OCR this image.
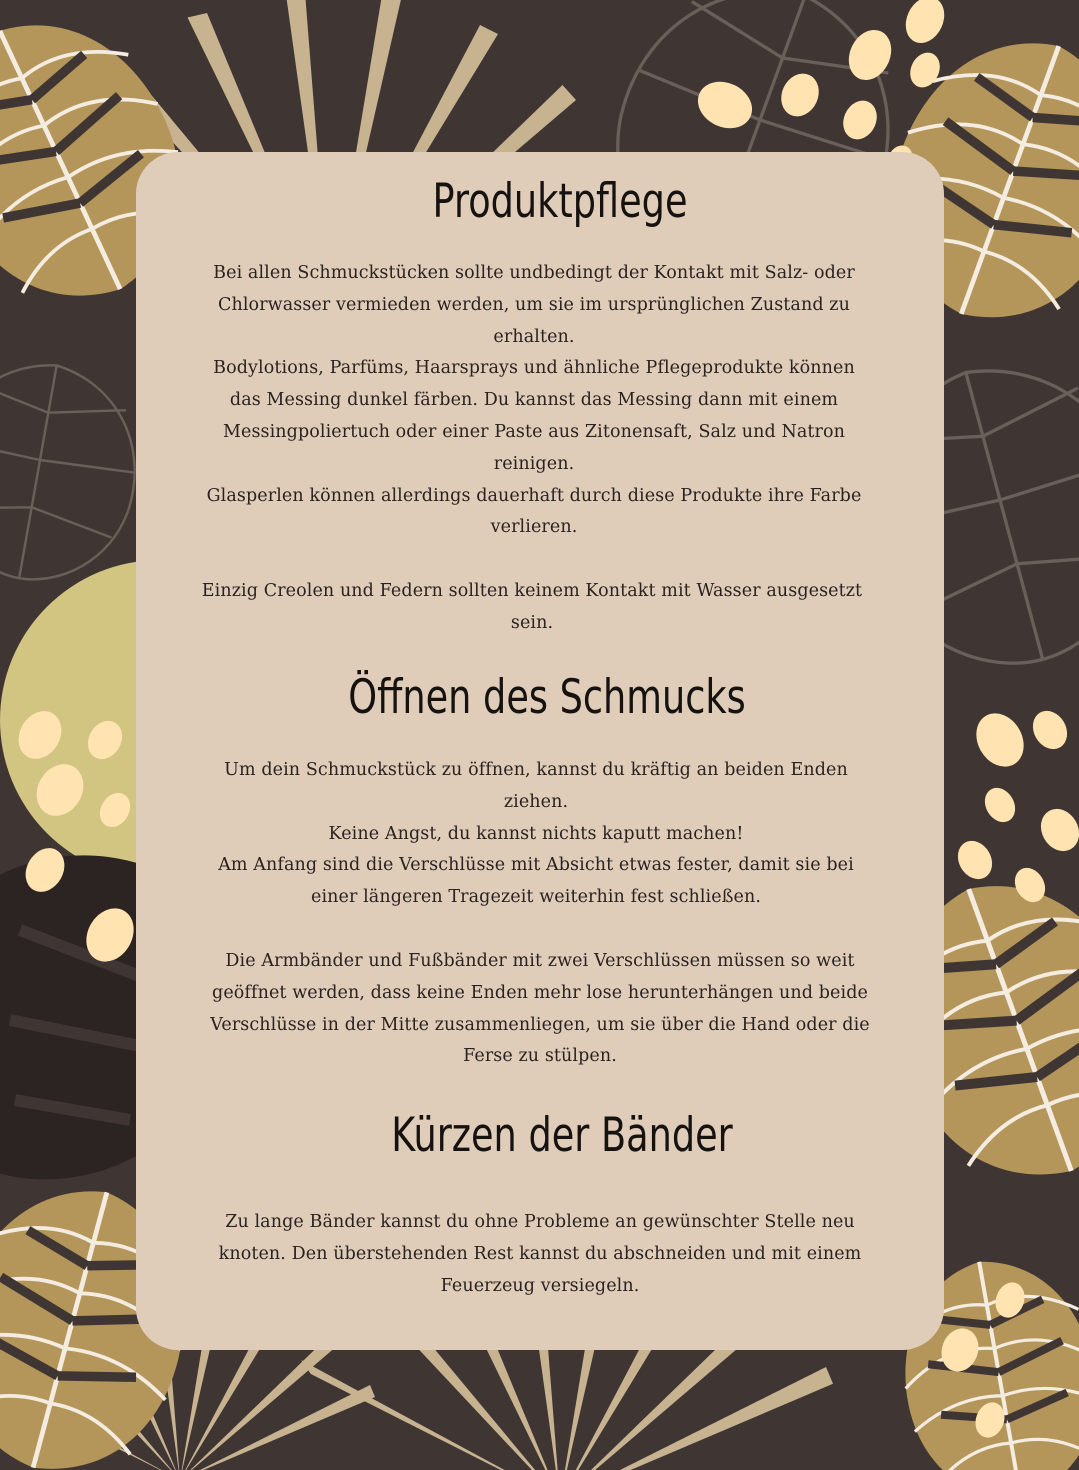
Produktpflege

Bei allen Schmuckstücken sollte undbedingt der Kontakt mit Salz- oder
Chlorwasser vermieden werden, um sie im ursprünglichen Zustand zu
erhalten.
Bodylotions, Parfüms, Haarsprays und ähnliche Pflegeprodukte können
das Messing dunkel färben. Du kannst das Messing dann mit einem
Messingpoliertuch oder einer Paste aus Zitonensaft, Salz und Natron
reinigen.
Glasperlen können allerdings dauerhaft durch diese Produkte ihre Farbe
verlieren.

Einzig Creolen und Federn sollten keinem Kontakt mit Wasser ausgesetzt
sein.

Öffnen des Schmucks

Um dein Schmuckstück zu öffnen, kannst du kräftig an beiden Enden
ziehen.
Keine Angst, du kannst nichts kaputt machen!
Am Anfang sind die Verschlüsse mit Absicht etwas fester, damit sie bei
einer längeren Tragezeit weiterhin fest schließen.

Die Armbänder und Fußbänder mit zwei Verschlüssen müssen so weit
geöffnet werden, dass keine Enden mehr lose herunterhängen und beide
Verschlüsse in der Mitte zusammenliegen, um sie über die Hand oder die
Ferse zu stülpen.

Kürzen der Bänder

Zu lange Bänder kannst du ohne Probleme an gewünschter Stelle neu
knoten. Den überstehenden Rest kannst du abschneiden und mit einem
Feuerzeug versiegeln.
